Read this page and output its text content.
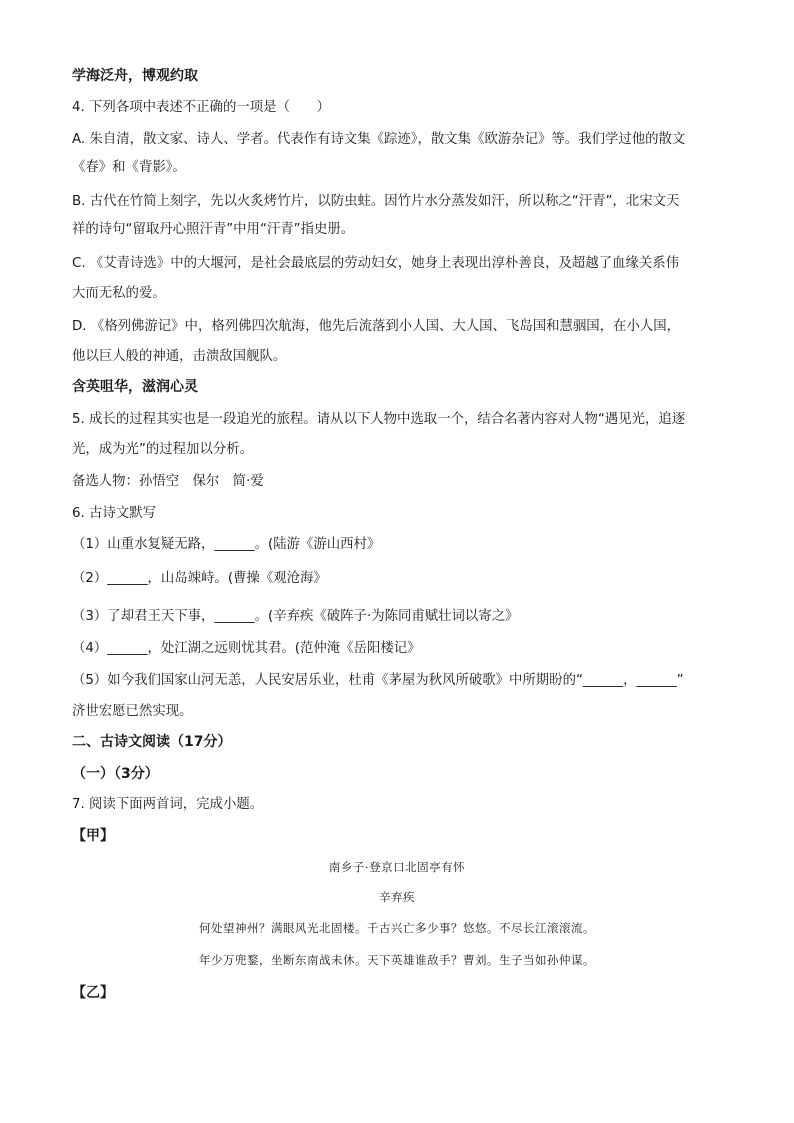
学海泛舟，博观约取
4. 下列各项中表述不正确的一项是（　　）
A. 朱自清，散文家、诗人、学者。代表作有诗文集《踪迹》，散文集《欧游杂记》等。我们学过他的散文
《春》和《背影》。
B. 古代在竹简上刻字，先以火炙烤竹片，以防虫蛀。因竹片水分蒸发如汗，所以称之“汗青”，北宋文天
祥的诗句“留取丹心照汗青”中用“汗青”指史册。
C. 《艾青诗选》中的大堰河，是社会最底层的劳动妇女，她身上表现出淳朴善良，及超越了血缘关系伟
大而无私的爱。
D. 《格列佛游记》中，格列佛四次航海，他先后流落到小人国、大人国、飞岛国和慧骃国，在小人国，
他以巨人般的神通，击溃敌国舰队。
含英咀华，滋润心灵
5. 成长的过程其实也是一段追光的旅程。请从以下人物中选取一个，结合名著内容对人物“遇见光，追逐
光，成为光”的过程加以分析。
备选人物：孙悟空　保尔　简·爱
6. 古诗文默写
（1）山重水复疑无路，______。(陆游《游山西村》
（2）______，山岛竦峙。(曹操《观沧海》
（3）了却君王天下事，______。(辛弃疾《破阵子·为陈同甫赋壮词以寄之》
（4）______，处江湖之远则忧其君。(范仲淹《岳阳楼记》
（5）如今我们国家山河无恙，人民安居乐业，杜甫《茅屋为秋风所破歌》中所期盼的“______，______”
济世宏愿已然实现。
二、古诗文阅读（17分）
（一）（3分）
7. 阅读下面两首词，完成小题。
【甲】
南乡子·登京口北固亭有怀
辛弃疾
何处望神州？满眼风光北固楼。千古兴亡多少事？悠悠。不尽长江滚滚流。
年少万兜鍪，坐断东南战未休。天下英雄谁敌手？曹刘。生子当如孙仲谋。
【乙】
